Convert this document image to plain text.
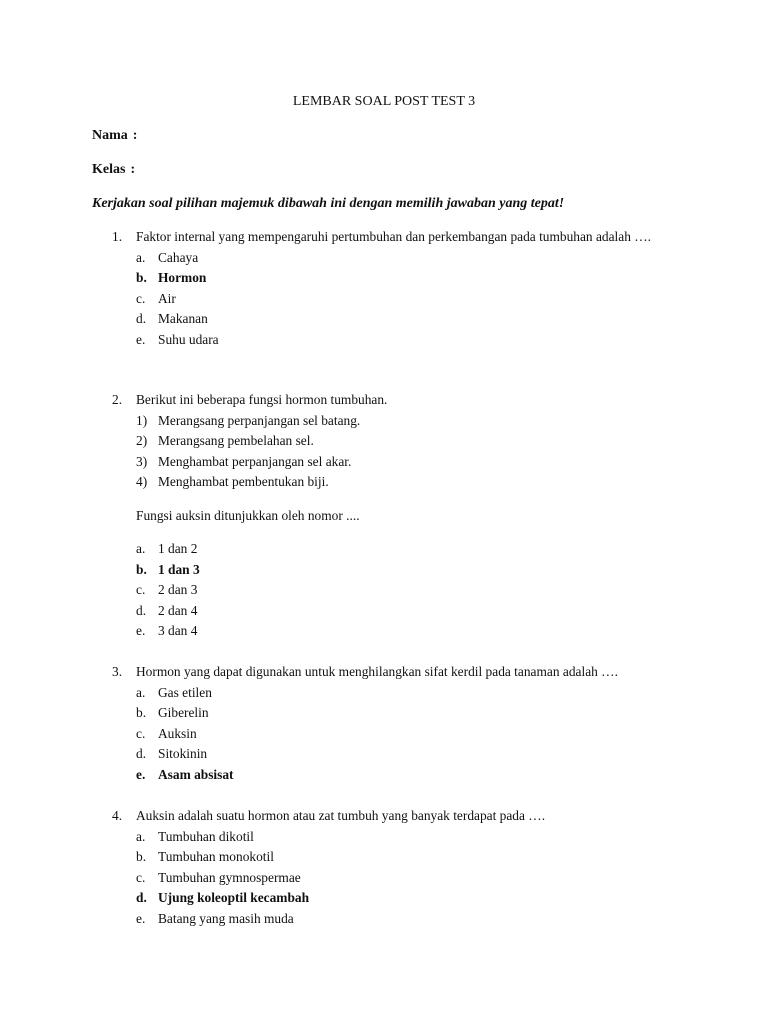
LEMBAR SOAL POST TEST 3
Nama :
Kelas :
Kerjakan soal pilihan majemuk dibawah ini dengan memilih jawaban yang tepat!
1. Faktor internal yang mempengaruhi pertumbuhan dan perkembangan pada tumbuhan adalah ….
a. Cahaya
b. Hormon
c. Air
d. Makanan
e. Suhu udara
2. Berikut ini beberapa fungsi hormon tumbuhan.
1) Merangsang perpanjangan sel batang.
2) Merangsang pembelahan sel.
3) Menghambat perpanjangan sel akar.
4) Menghambat pembentukan biji.
Fungsi auksin ditunjukkan oleh nomor ....
a. 1 dan 2
b. 1 dan 3
c. 2 dan 3
d. 2 dan 4
e. 3 dan 4
3. Hormon yang dapat digunakan untuk menghilangkan sifat kerdil pada tanaman adalah ….
a. Gas etilen
b. Giberelin
c. Auksin
d. Sitokinin
e. Asam absisat
4. Auksin adalah suatu hormon atau zat tumbuh yang banyak terdapat pada ….
a. Tumbuhan dikotil
b. Tumbuhan monokotil
c. Tumbuhan gymnospermae
d. Ujung koleoptil kecambah
e. Batang yang masih muda
